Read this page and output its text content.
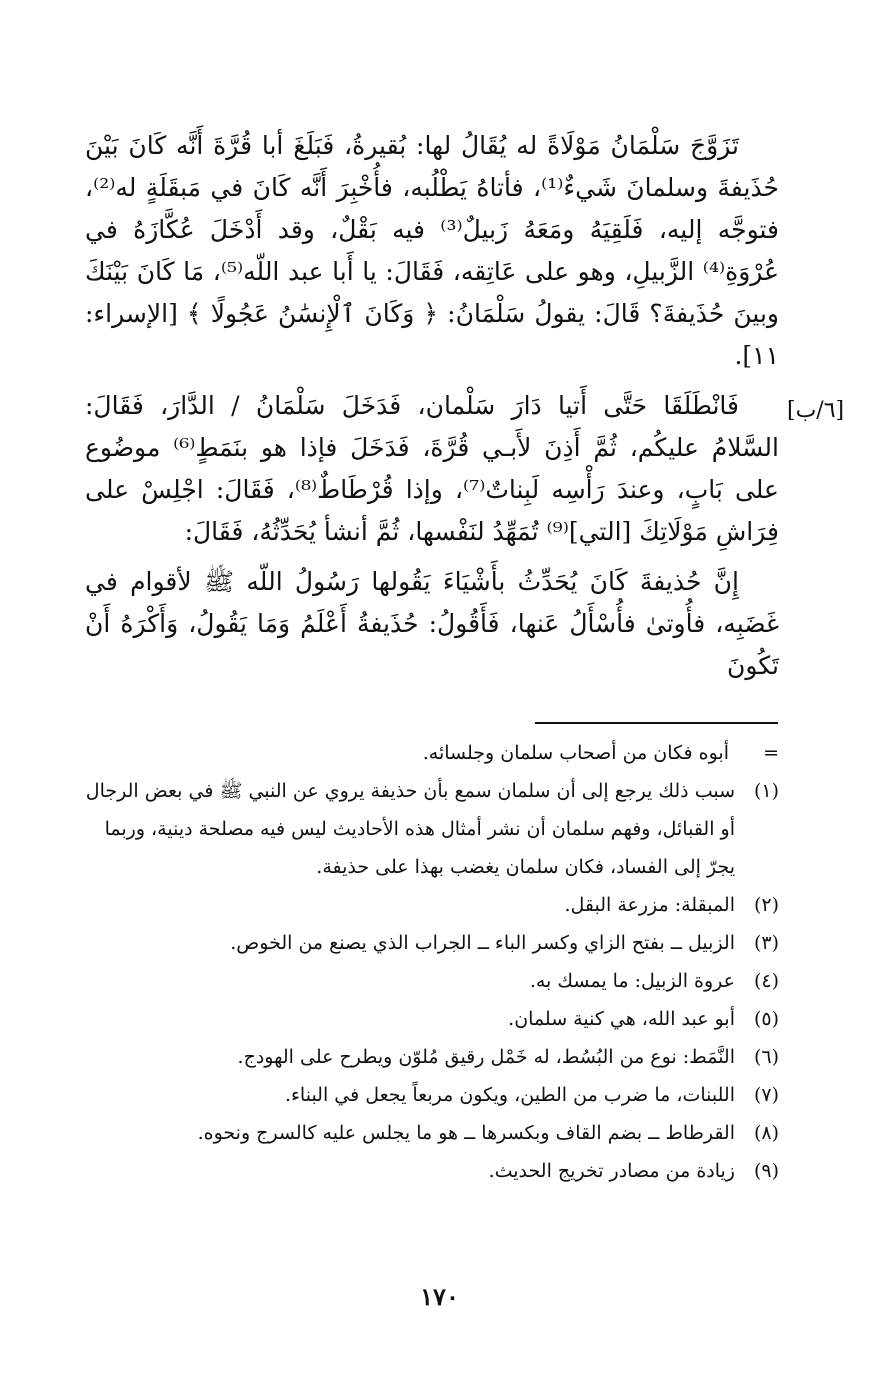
[٦/ب]

تَزَوَّجَ سَلْمَانُ مَوْلَاةً له يُقَالُ لها: بُقيرةُ، فَبَلَغَ أبا قُرَّةَ أَنَّه كَانَ بَيْنَ حُذَيفةَ وسلمانَ شَيءٌ⁽¹⁾، فأتاهُ يَطْلُبه، فأُخْبِرَ أَنَّه كَانَ في مَبقَلَةٍ له⁽²⁾، فتوجَّه إليه، فَلَقِيَهُ ومَعَهُ زَبيلٌ⁽³⁾ فيه بَقْلٌ، وقد أَدْخَلَ عُكَّازَهُ في عُرْوَةِ⁽⁴⁾ الزَّبيلِ، وهو على عَاتِقه، فَقَالَ: يا أَبا عبد اللّه⁽⁵⁾، مَا كَانَ بَيْنَكَ وبينَ حُذَيفةَ؟ قَالَ: يقولُ سَلْمَانُ: ﴿ وَكَانَ ٱلْإِنسَٰنُ عَجُولًا ﴾ [الإسراء: ١١].

فَانْطَلَقَا حَتَّى أَتيا دَارَ سَلْمان، فَدَخَلَ سَلْمَانُ / الدَّارَ، فَقَالَ: السَّلامُ عليكُم، ثُمَّ أَذِنَ لأَبـي قُرَّةَ، فَدَخَلَ فإذا هو بنَمَطٍ⁽⁶⁾ موضُوع على بَابٍ، وعندَ رَأْسِه لَبِناتٌ⁽⁷⁾، وإذا قُرْطَاطٌ⁽⁸⁾، فَقَالَ: اجْلِسْ على فِرَاشِ مَوْلَاتِكَ [التي]⁽⁹⁾ تُمَهِّدُ لنَفْسها، ثُمَّ أنشأ يُحَدِّثُهُ، فَقَالَ:

إِنَّ حُذيفةَ كَانَ يُحَدِّثُ بأَشْيَاءَ يَقُولها رَسُولُ اللّه ﷺ لأقوام في غَضَبِه، فأُوتىٰ فأُسْأَلُ عَنها، فَأَقُولُ: حُذَيفةُ أَعْلَمُ وَمَا يَقُولُ، وَأَكْرَهُ أَنْ تَكُونَ

=
أبوه فكان من أصحاب سلمان وجلسائه.
(١)
سبب ذلك يرجع إلى أن سلمان سمع بأن حذيفة يروي عن النبي ﷺ في بعض الرجال أو القبائل، وفهم سلمان أن نشر أمثال هذه الأحاديث ليس فيه مصلحة دينية، وربما يجرّ إلى الفساد، فكان سلمان يغضب بهذا على حذيفة.
(٢)
المبقلة: مزرعة البقل.
(٣)
الزبيل ــ بفتح الزاي وكسر الباء ــ الجراب الذي يصنع من الخوص.
(٤)
عروة الزبيل: ما يمسك به.
(٥)
أبو عبد الله، هي كنية سلمان.
(٦)
النَّمَط: نوع من البُسُط، له خَمْل رقيق مُلوّن ويطرح على الهودج.
(٧)
اللبنات، ما ضرب من الطين، ويكون مربعاً يجعل في البناء.
(٨)
القرطاط ــ بضم القاف وبكسرها ــ هو ما يجلس عليه كالسرج ونحوه.
(٩)
زيادة من مصادر تخريج الحديث.
١٧٠
